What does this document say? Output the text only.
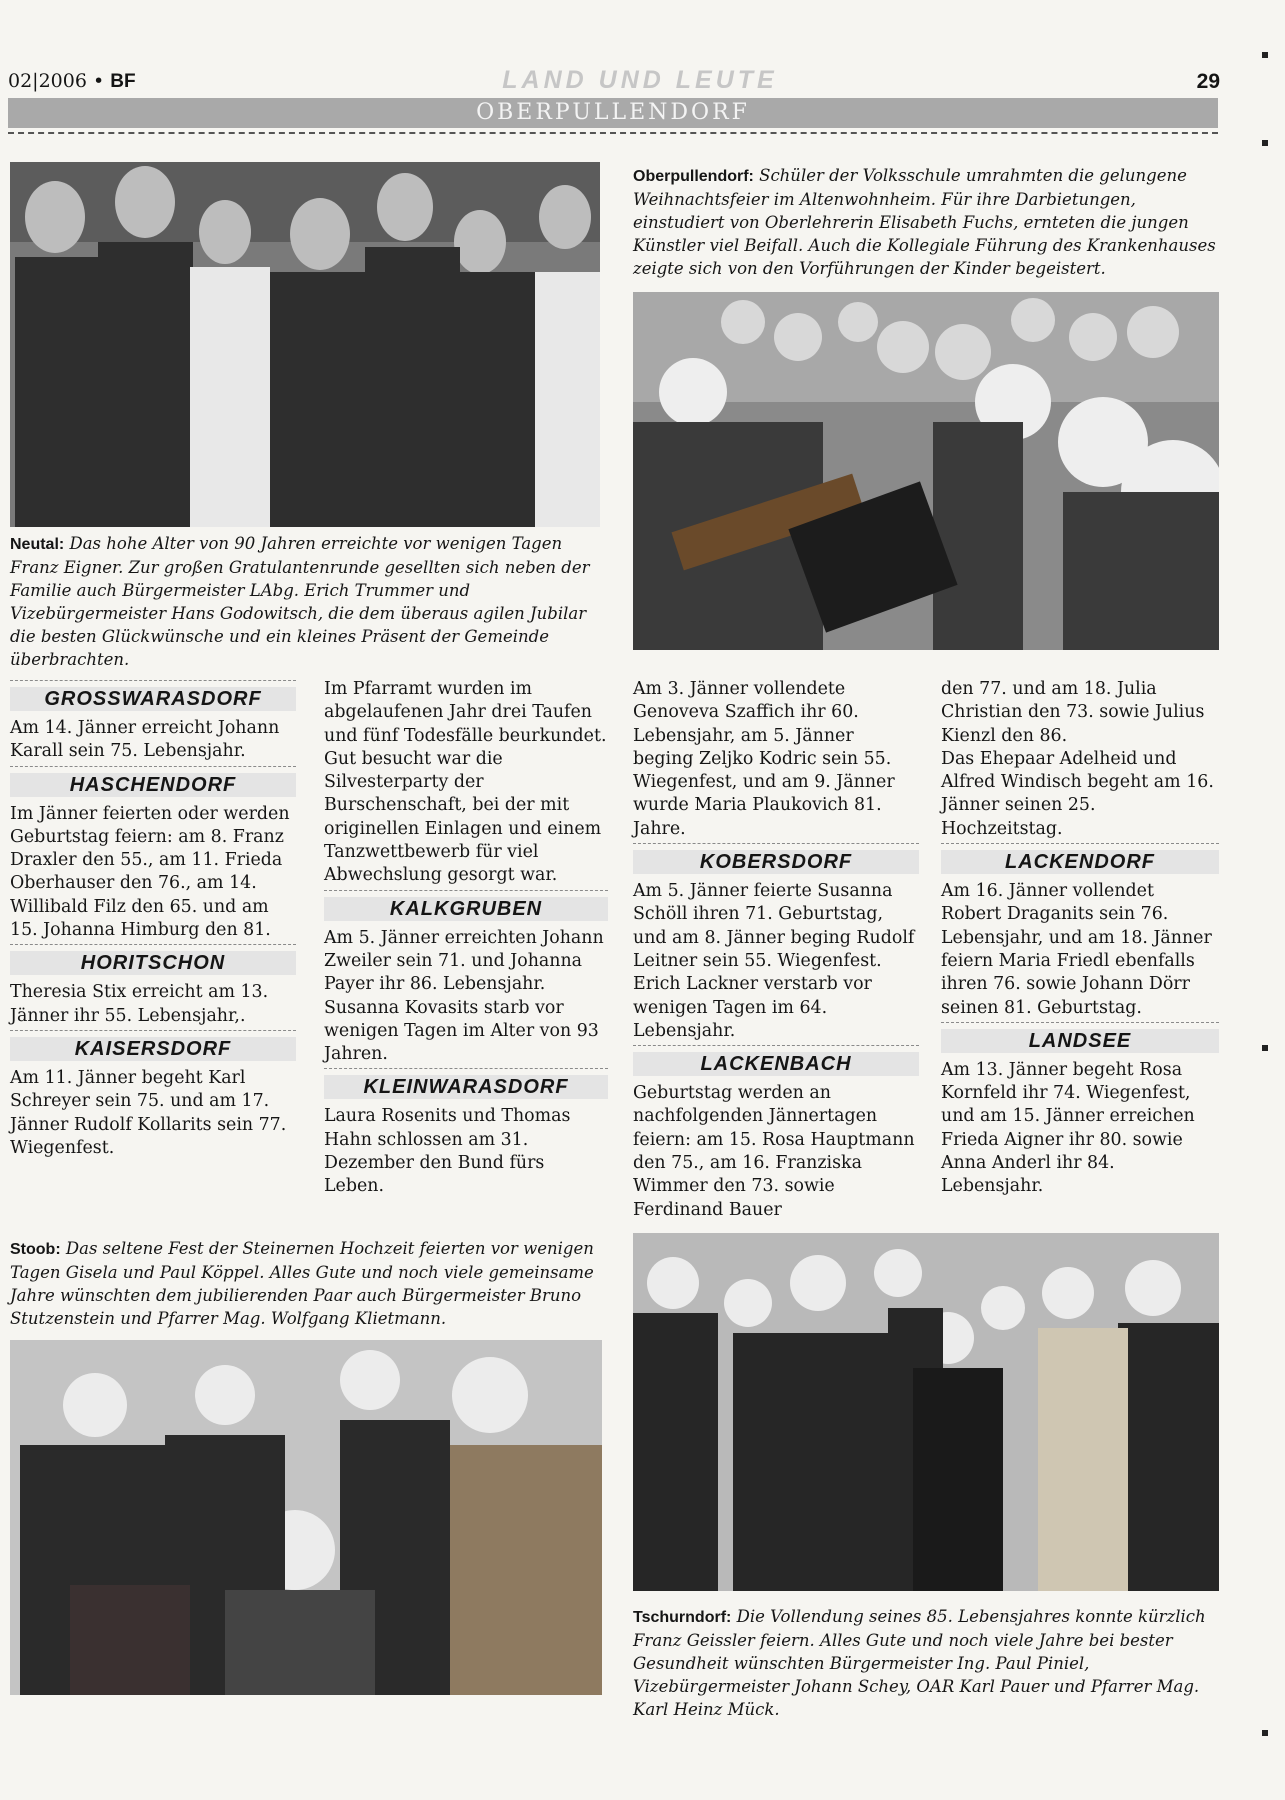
02|2006 • BF	LAND UND LEUTE	29
OBERPULLENDORF

Oberpullendorf: Schüler der Volksschule umrahmten die gelungene Weihnachtsfeier im Altenwohnheim. Für ihre Darbietungen, einstudiert von Oberlehrerin Elisabeth Fuchs, ernteten die jungen Künstler viel Beifall. Auch die Kollegiale Führung des Krankenhauses zeigte sich von den Vorführungen der Kinder begeistert.

Neutal: Das hohe Alter von 90 Jahren erreichte vor wenigen Tagen Franz Eigner. Zur großen Gratulantenrunde gesellten sich neben der Familie auch Bürgermeister LAbg. Erich Trummer und Vizebürgermeister Hans Godowitsch, die dem überaus agilen Jubilar die besten Glückwünsche und ein kleines Präsent der Gemeinde überbrachten.

Stoob: Das seltene Fest der Steinernen Hochzeit feierten vor wenigen Tagen Gisela und Paul Köppel. Alles Gute und noch viele gemeinsame Jahre wünschten dem jubilierenden Paar auch Bürgermeister Bruno Stutzenstein und Pfarrer Mag. Wolfgang Klietmann.

Tschurndorf: Die Vollendung seines 85. Lebensjahres konnte kürzlich Franz Geissler feiern. Alles Gute und noch viele Jahre bei bester Gesundheit wünschten Bürgermeister Ing. Paul Piniel, Vizebürgermeister Johann Schey, OAR Karl Pauer und Pfarrer Mag. Karl Heinz Mück.

GROSSWARASDORF

Am 14. Jänner erreicht Johann Karall sein 75. Lebensjahr.

HASCHENDORF

Im Jänner feierten oder werden Geburtstag feiern: am 8. Franz Draxler den 55., am 11. Frieda Oberhauser den 76., am 14. Willibald Filz den 65. und am 15. Johanna Himburg den 81.

HORITSCHON

Theresia Stix erreicht am 13. Jänner ihr 55. Lebensjahr,.

KAISERSDORF

Am 11. Jänner begeht Karl Schreyer sein 75. und am 17. Jänner Rudolf Kollarits sein 77. Wiegenfest.

Im Pfarramt wurden im abgelaufenen Jahr drei Taufen und fünf Todesfälle beurkundet. Gut besucht war die Silvesterparty der Burschenschaft, bei der mit originellen Einlagen und einem Tanzwettbewerb für viel Abwechslung gesorgt war.

KALKGRUBEN

Am 5. Jänner erreichten Johann Zweiler sein 71. und Johanna Payer ihr 86. Lebensjahr.

Susanna Kovasits starb vor wenigen Tagen im Alter von 93 Jahren.

KLEINWARASDORF

Laura Rosenits und Thomas Hahn schlossen am 31. Dezember den Bund fürs Leben.

Am 3. Jänner vollendete Genoveva Szaffich ihr 60. Lebensjahr, am 5. Jänner beging Zeljko Kodric sein 55. Wiegenfest, und am 9. Jänner wurde Maria Plaukovich 81. Jahre.

KOBERSDORF

Am 5. Jänner feierte Susanna Schöll ihren 71. Geburtstag, und am 8. Jänner beging Rudolf Leitner sein 55. Wiegenfest.

Erich Lackner verstarb vor wenigen Tagen im 64. Lebensjahr.

LACKENBACH

Geburtstag werden an nachfolgenden Jännertagen feiern: am 15. Rosa Hauptmann den 75., am 16. Franziska Wimmer den 73. sowie Ferdinand Bauer

den 77. und am 18. Julia Christian den 73. sowie Julius Kienzl den 86.

Das Ehepaar Adelheid und Alfred Windisch begeht am 16. Jänner seinen 25. Hochzeitstag.

LACKENDORF

Am 16. Jänner vollendet Robert Draganits sein 76. Lebensjahr, und am 18. Jänner feiern Maria Friedl ebenfalls ihren 76. sowie Johann Dörr seinen 81. Geburtstag.

LANDSEE

Am 13. Jänner begeht Rosa Kornfeld ihr 74. Wiegenfest, und am 15. Jänner erreichen Frieda Aigner ihr 80. sowie Anna Anderl ihr 84. Lebensjahr.
